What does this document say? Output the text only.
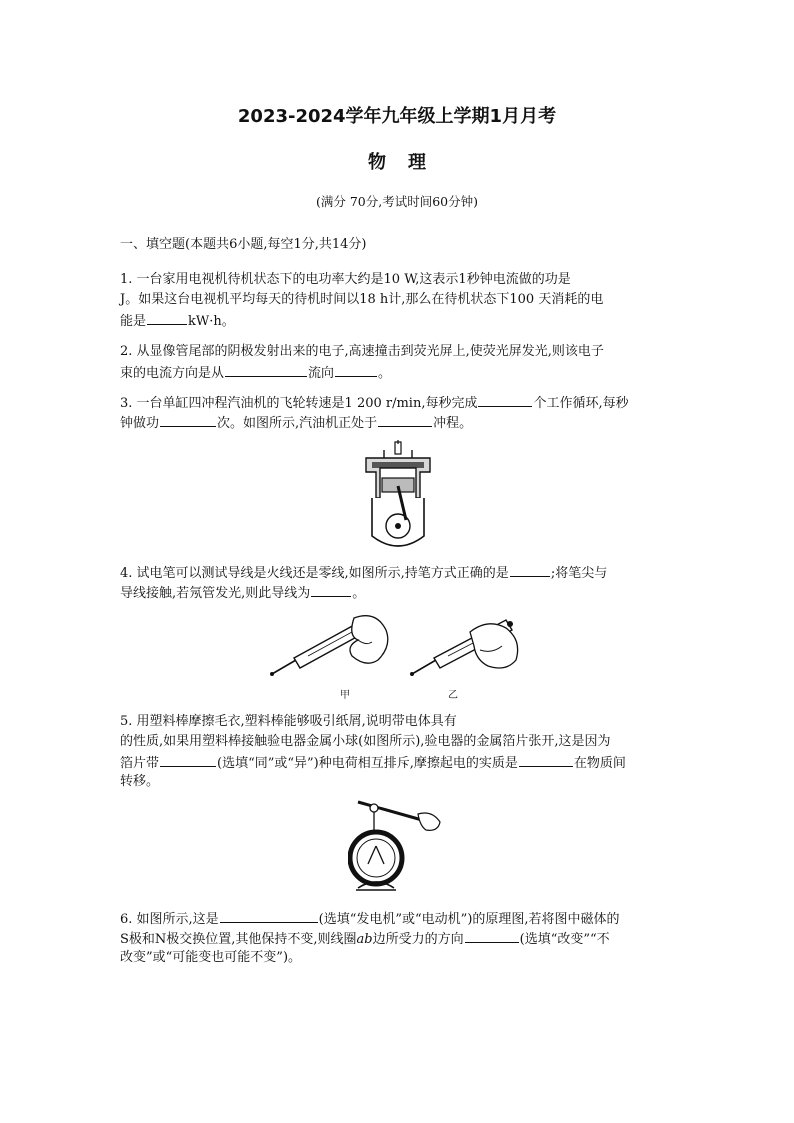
2023-2024学年九年级上学期1月月考
物理
(满分 70分,考试时间60分钟)
一、填空题(本题共6小题,每空1分,共14分)
1. 一台家用电视机待机状态下的电功率大约是10 W,这表示1秒钟电流做的功是
J。如果这台电视机平均每天的待机时间以18 h计,那么在待机状态下100 天消耗的电
能是	kW·h。
2. 从显像管尾部的阴极发射出来的电子,高速撞击到荧光屏上,使荧光屏发光,则该电子
束的电流方向是从	流向	。
3. 一台单缸四冲程汽油机的飞轮转速是1 200 r/min,每秒完成	个工作循环,每秒
钟做功	次。如图所示,汽油机正处于	冲程。
4. 试电笔可以测试导线是火线还是零线,如图所示,持笔方式正确的是	;将笔尖与
导线接触,若氖管发光,则此导线为	。
甲	乙
5. 用塑料棒摩擦毛衣,塑料棒能够吸引纸屑,说明带电体具有
的性质,如果用塑料棒接触验电器金属小球(如图所示),验电器的金属箔片张开,这是因为
箔片带	(选填“同”或“异”)种电荷相互排斥,摩擦起电的实质是	在物质间
转移。
6. 如图所示,这是	(选填“发电机”或“电动机”)的原理图,若将图中磁体的
S极和N极交换位置,其他保持不变,则线圈ab边所受力的方向	(选填“改变”“不
改变”或“可能变也可能不变”)。
